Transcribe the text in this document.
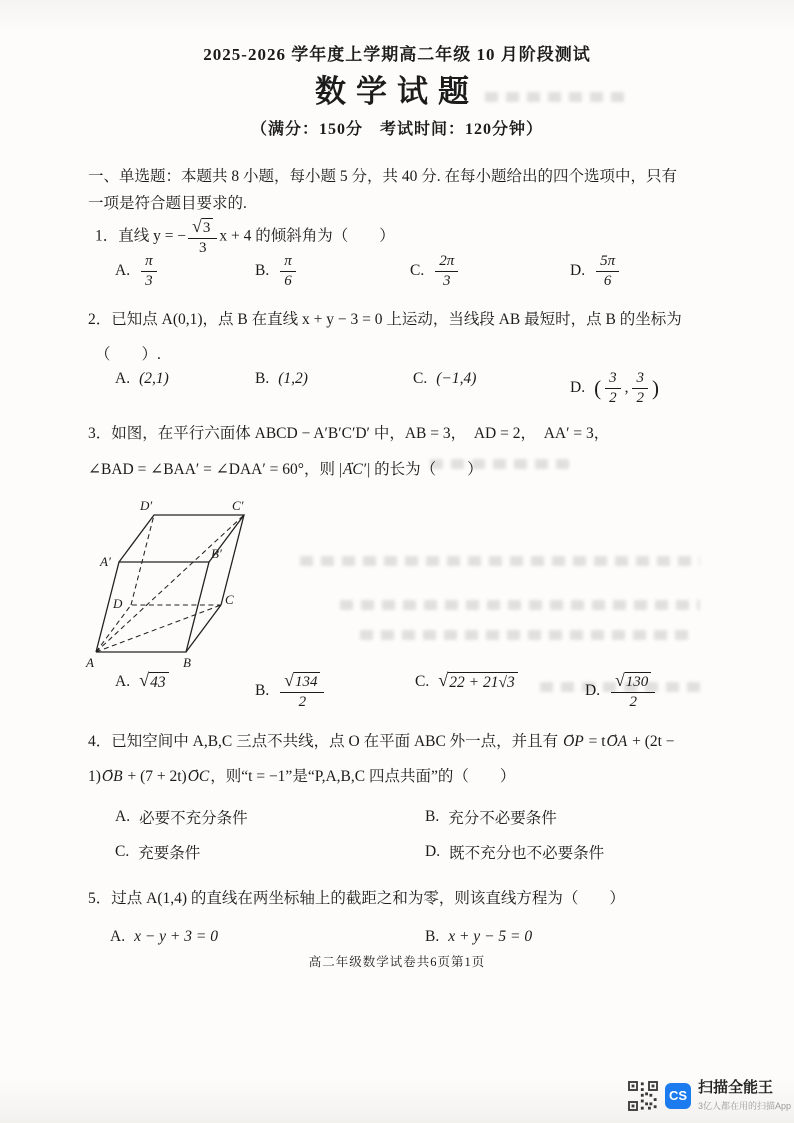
2025-2026 学年度上学期高二年级 10 月阶段测试
数学试题
（满分：150分　考试时间：120分钟）
一、单选题：本题共 8 小题，每小题 5 分，共 40 分. 在每小题给出的四个选项中，只有
一项是符合题目要求的.
1．直线 y = − √ $\frac{3}{3}$ x + 4 的倾斜角为（　　）
A. $\frac{\pi}{3}$	B. $\frac{\pi}{6}$	C. $\frac{2\pi}{3}$	D. $\frac{5\pi}{6}$
2．已知点 A(0,1)，点 B 在直线 x + y − 3 = 0 上运动，当线段 AB 最短时，点 B 的坐标为
（　　）.
A. (2,1)	B. (1,2)	C. (−1,4)
D. ( $\frac{3}{2}$ , $\frac{3}{2}$ )
3．如图，在平行六面体 ABCD − A′B′C′D′ 中，AB = 3，　AD = 2，　AA′ = 3，
∠BAD = ∠BAA′ = ∠DAA′ = 60°，则 |AC′ →| 的长为（　　）
D′	C′
A′
B′
D	C
A	B
A. √ 43	B. √ $\frac{134}{2}$	C. √ 22 + 21√3	D. √ $\frac{130}{2}$
4．已知空间中 A,B,C 三点不共线，点 O 在平面 ABC 外一点，并且有 OP → = tOA → + (2t −
1)OB → + (7 + 2t)OC →，则“t = −1”是“P,A,B,C 四点共面”的（　　）
A. 必要不充分条件	B. 充分不必要条件
C. 充要条件	D. 既不充分也不必要条件
5．过点 A(1,4) 的直线在两坐标轴上的截距之和为零，则该直线方程为（　　）
A. x − y + 3 = 0	B. x + y − 5 = 0
高二年级数学试卷共6页第1页
CS 扫描全能王
3亿人都在用的扫描App
